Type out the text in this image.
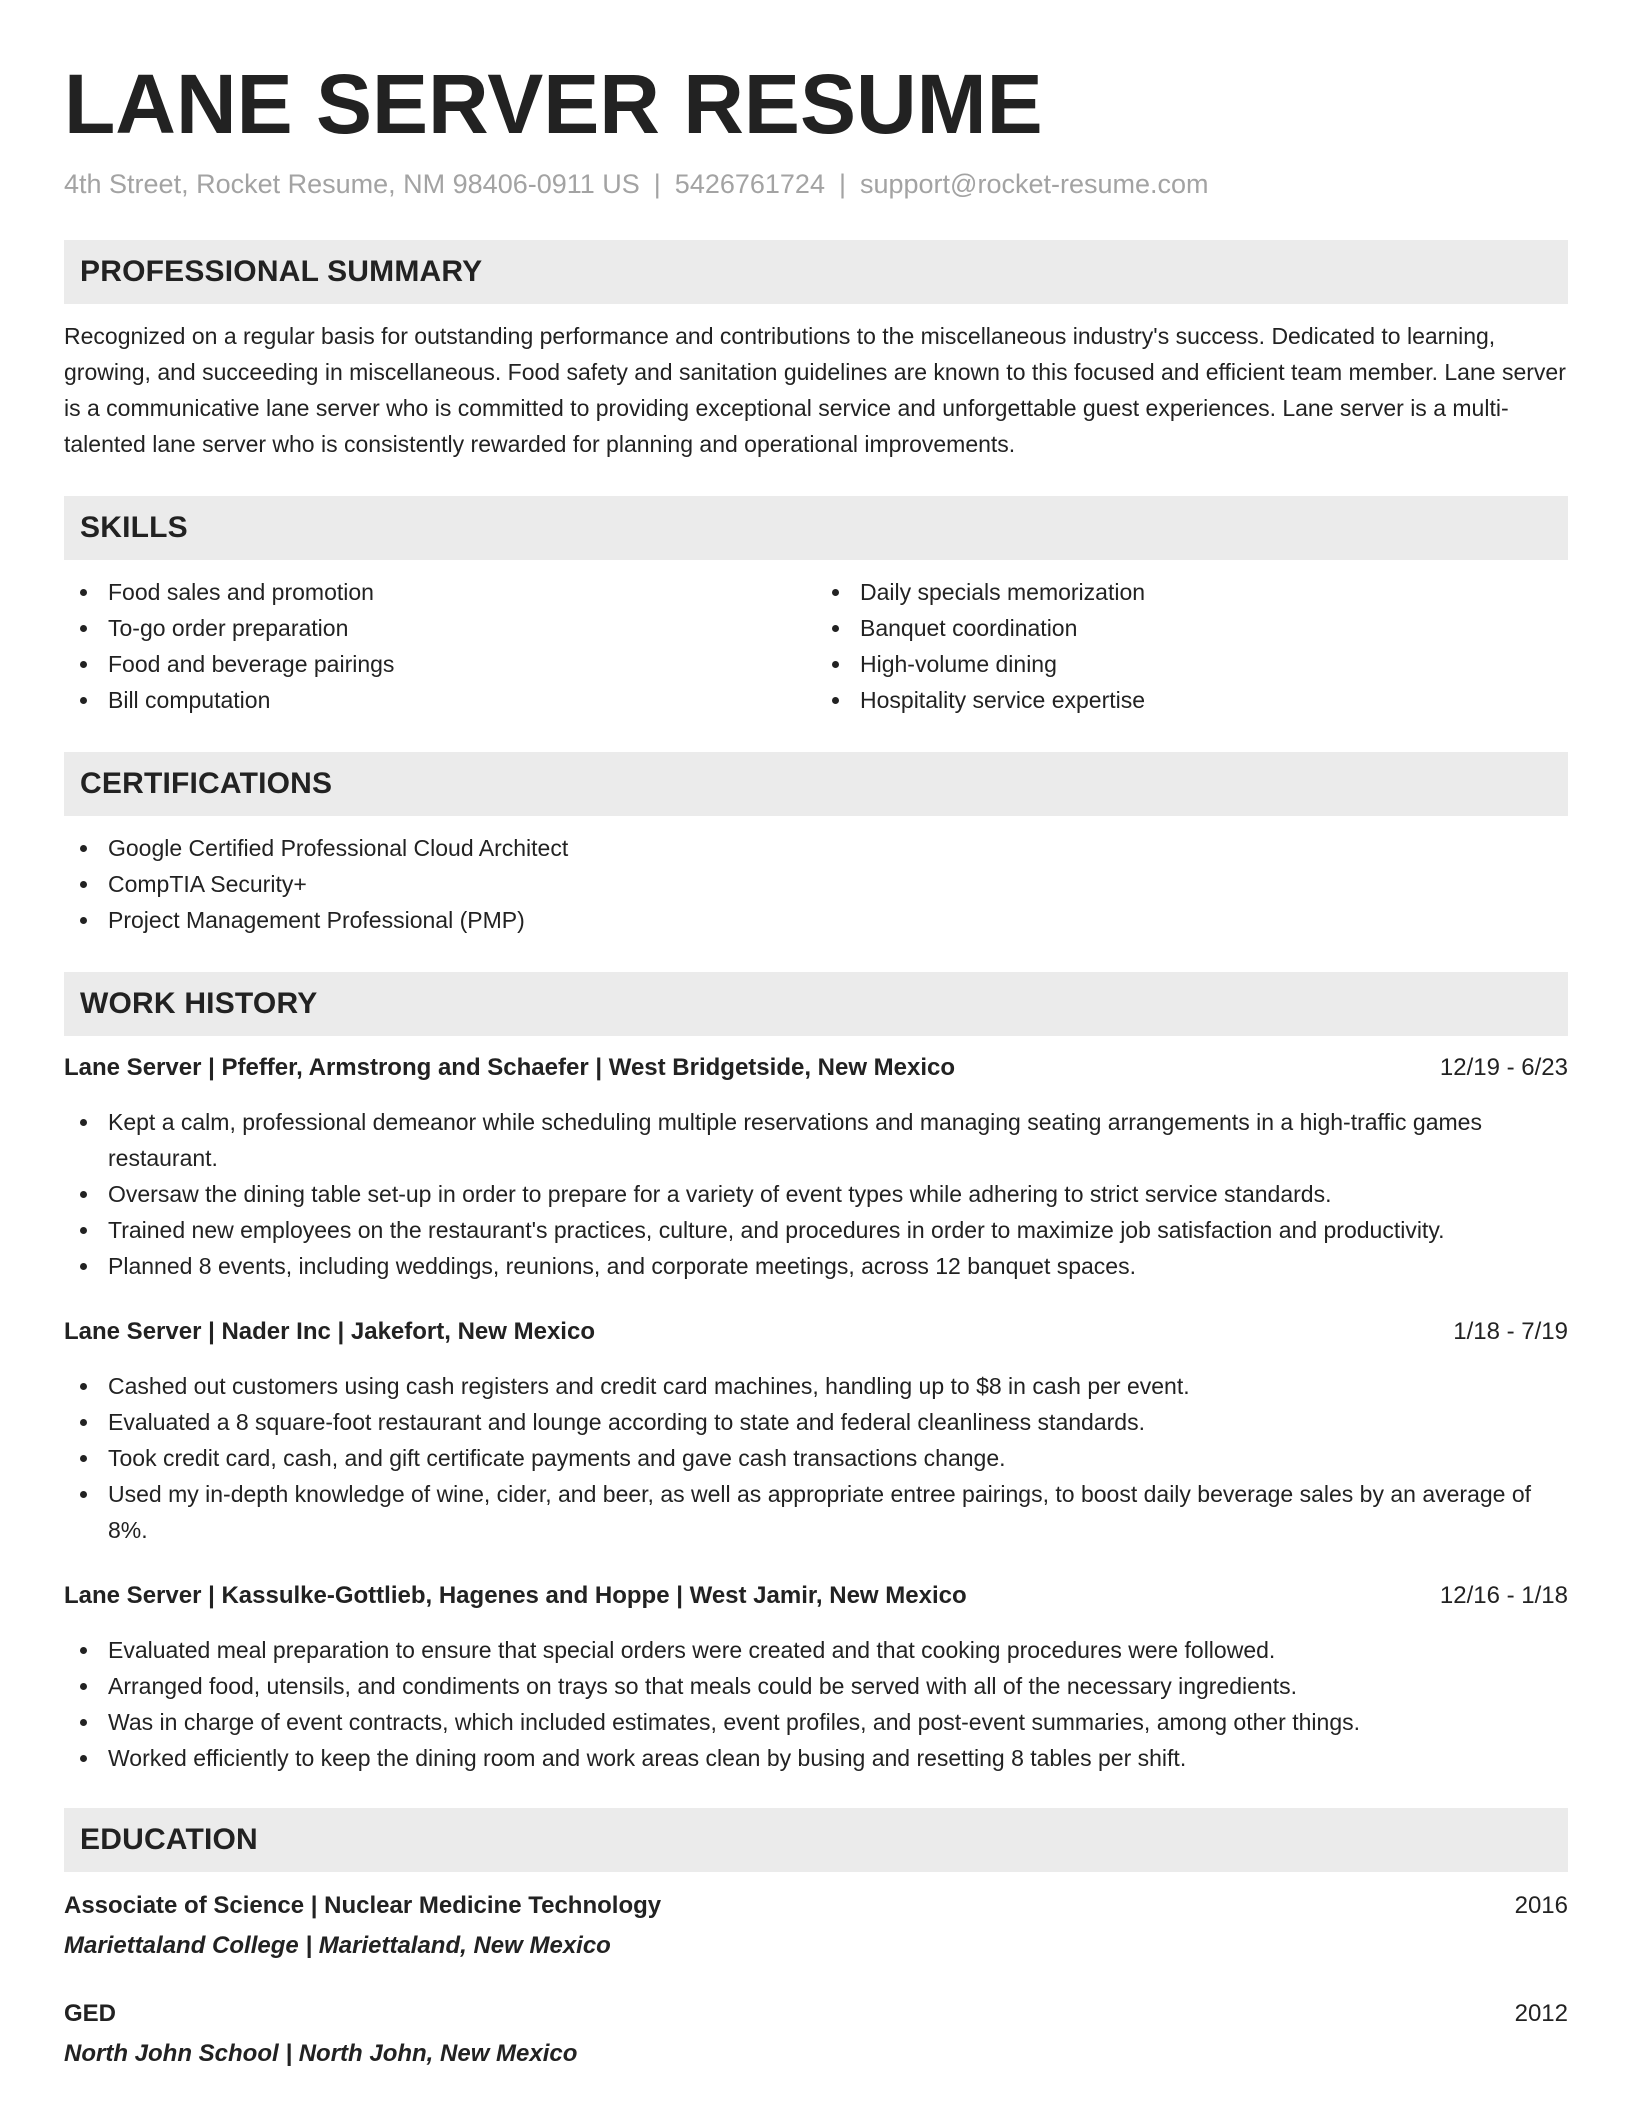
LANE SERVER RESUME
4th Street, Rocket Resume, NM 98406-0911 US | 5426761724 | support@rocket-resume.com
PROFESSIONAL SUMMARY

Recognized on a regular basis for outstanding performance and contributions to the miscellaneous industry's success. Dedicated to learning, growing, and succeeding in miscellaneous. Food safety and sanitation guidelines are known to this focused and efficient team member. Lane server is a communicative lane server who is committed to providing exceptional service and unforgettable guest experiences. Lane server is a multi-talented lane server who is consistently rewarded for planning and operational improvements.

SKILLS
Food sales and promotion
To-go order preparation
Food and beverage pairings
Bill computation
Daily specials memorization
Banquet coordination
High-volume dining
Hospitality service expertise
CERTIFICATIONS
Google Certified Professional Cloud Architect
CompTIA Security+
Project Management Professional (PMP)
WORK HISTORY
Lane Server | Pfeffer, Armstrong and Schaefer | West Bridgetside, New Mexico	12/19 - 6/23
Kept a calm, professional demeanor while scheduling multiple reservations and managing seating arrangements in a high-traffic games restaurant.
Oversaw the dining table set-up in order to prepare for a variety of event types while adhering to strict service standards.
Trained new employees on the restaurant's practices, culture, and procedures in order to maximize job satisfaction and productivity.
Planned 8 events, including weddings, reunions, and corporate meetings, across 12 banquet spaces.
Lane Server | Nader Inc | Jakefort, New Mexico	1/18 - 7/19
Cashed out customers using cash registers and credit card machines, handling up to $8 in cash per event.
Evaluated a 8 square-foot restaurant and lounge according to state and federal cleanliness standards.
Took credit card, cash, and gift certificate payments and gave cash transactions change.
Used my in-depth knowledge of wine, cider, and beer, as well as appropriate entree pairings, to boost daily beverage sales by an average of 8%.
Lane Server | Kassulke-Gottlieb, Hagenes and Hoppe | West Jamir, New Mexico	12/16 - 1/18
Evaluated meal preparation to ensure that special orders were created and that cooking procedures were followed.
Arranged food, utensils, and condiments on trays so that meals could be served with all of the necessary ingredients.
Was in charge of event contracts, which included estimates, event profiles, and post-event summaries, among other things.
Worked efficiently to keep the dining room and work areas clean by busing and resetting 8 tables per shift.
EDUCATION
Associate of Science | Nuclear Medicine Technology	2016
Mariettaland College | Mariettaland, New Mexico
GED	2012
North John School | North John, New Mexico
